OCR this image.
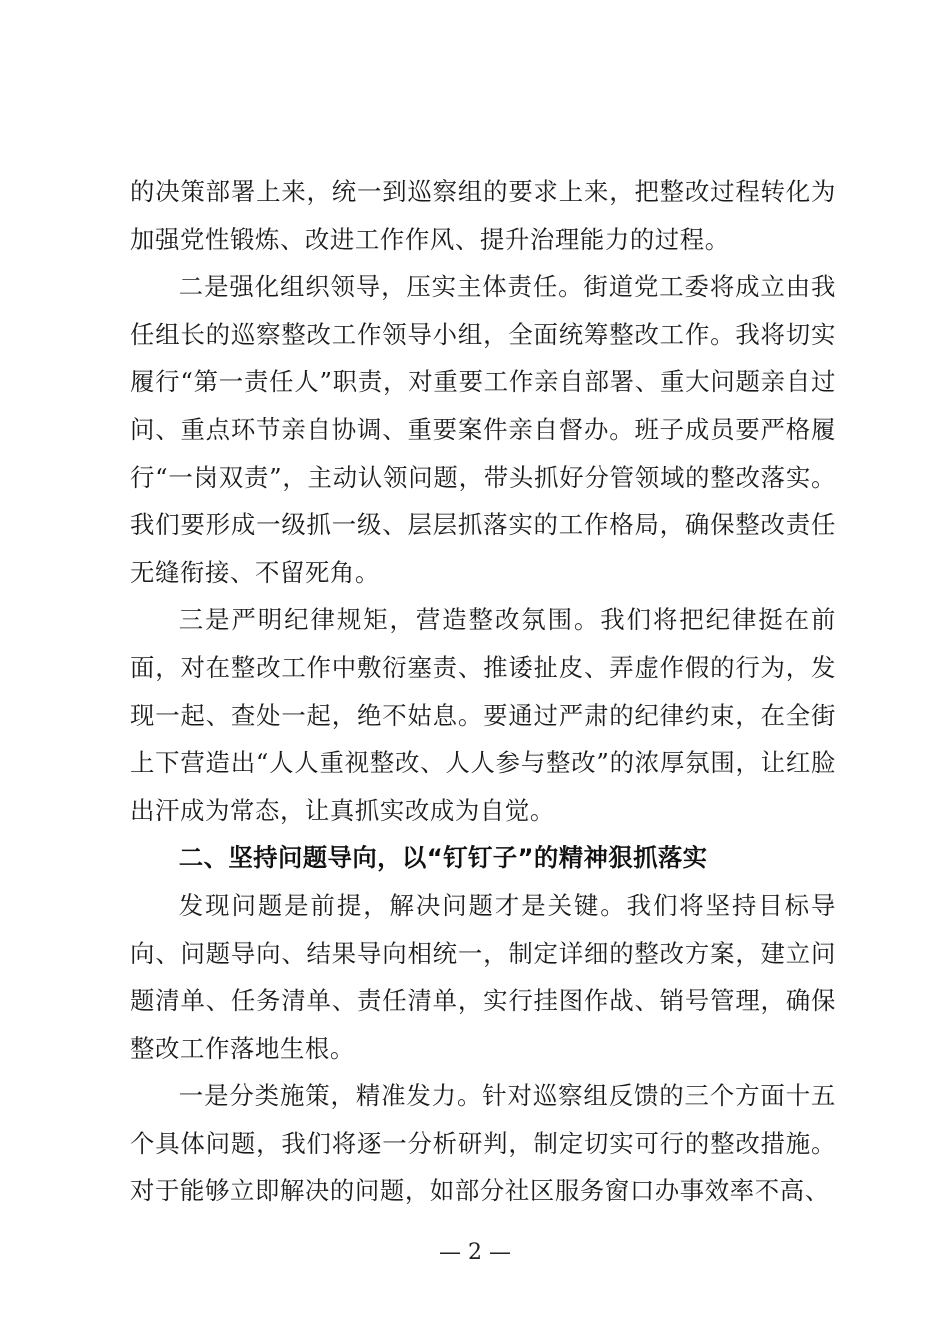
的决策部署上来，统一到巡察组的要求上来，把整改过程转化为加强党性锻炼、改进工作作风、提升治理能力的过程。

二是强化组织领导，压实主体责任。街道党工委将成立由我任组长的巡察整改工作领导小组，全面统筹整改工作。我将切实履行“第一责任人”职责，对重要工作亲自部署、重大问题亲自过问、重点环节亲自协调、重要案件亲自督办。班子成员要严格履行“一岗双责”，主动认领问题，带头抓好分管领域的整改落实。我们要形成一级抓一级、层层抓落实的工作格局，确保整改责任无缝衔接、不留死角。

三是严明纪律规矩，营造整改氛围。我们将把纪律挺在前面，对在整改工作中敷衍塞责、推诿扯皮、弄虚作假的行为，发现一起、查处一起，绝不姑息。要通过严肃的纪律约束，在全街上下营造出“人人重视整改、人人参与整改”的浓厚氛围，让红脸出汗成为常态，让真抓实改成为自觉。

二、坚持问题导向，以“钉钉子”的精神狠抓落实

发现问题是前提，解决问题才是关键。我们将坚持目标导向、问题导向、结果导向相统一，制定详细的整改方案，建立问题清单、任务清单、责任清单，实行挂图作战、销号管理，确保整改工作落地生根。

一是分类施策，精准发力。针对巡察组反馈的三个方面十五个具体问题，我们将逐一分析研判，制定切实可行的整改措施。对于能够立即解决的问题，如部分社区服务窗口办事效率不高、

— 2 —
